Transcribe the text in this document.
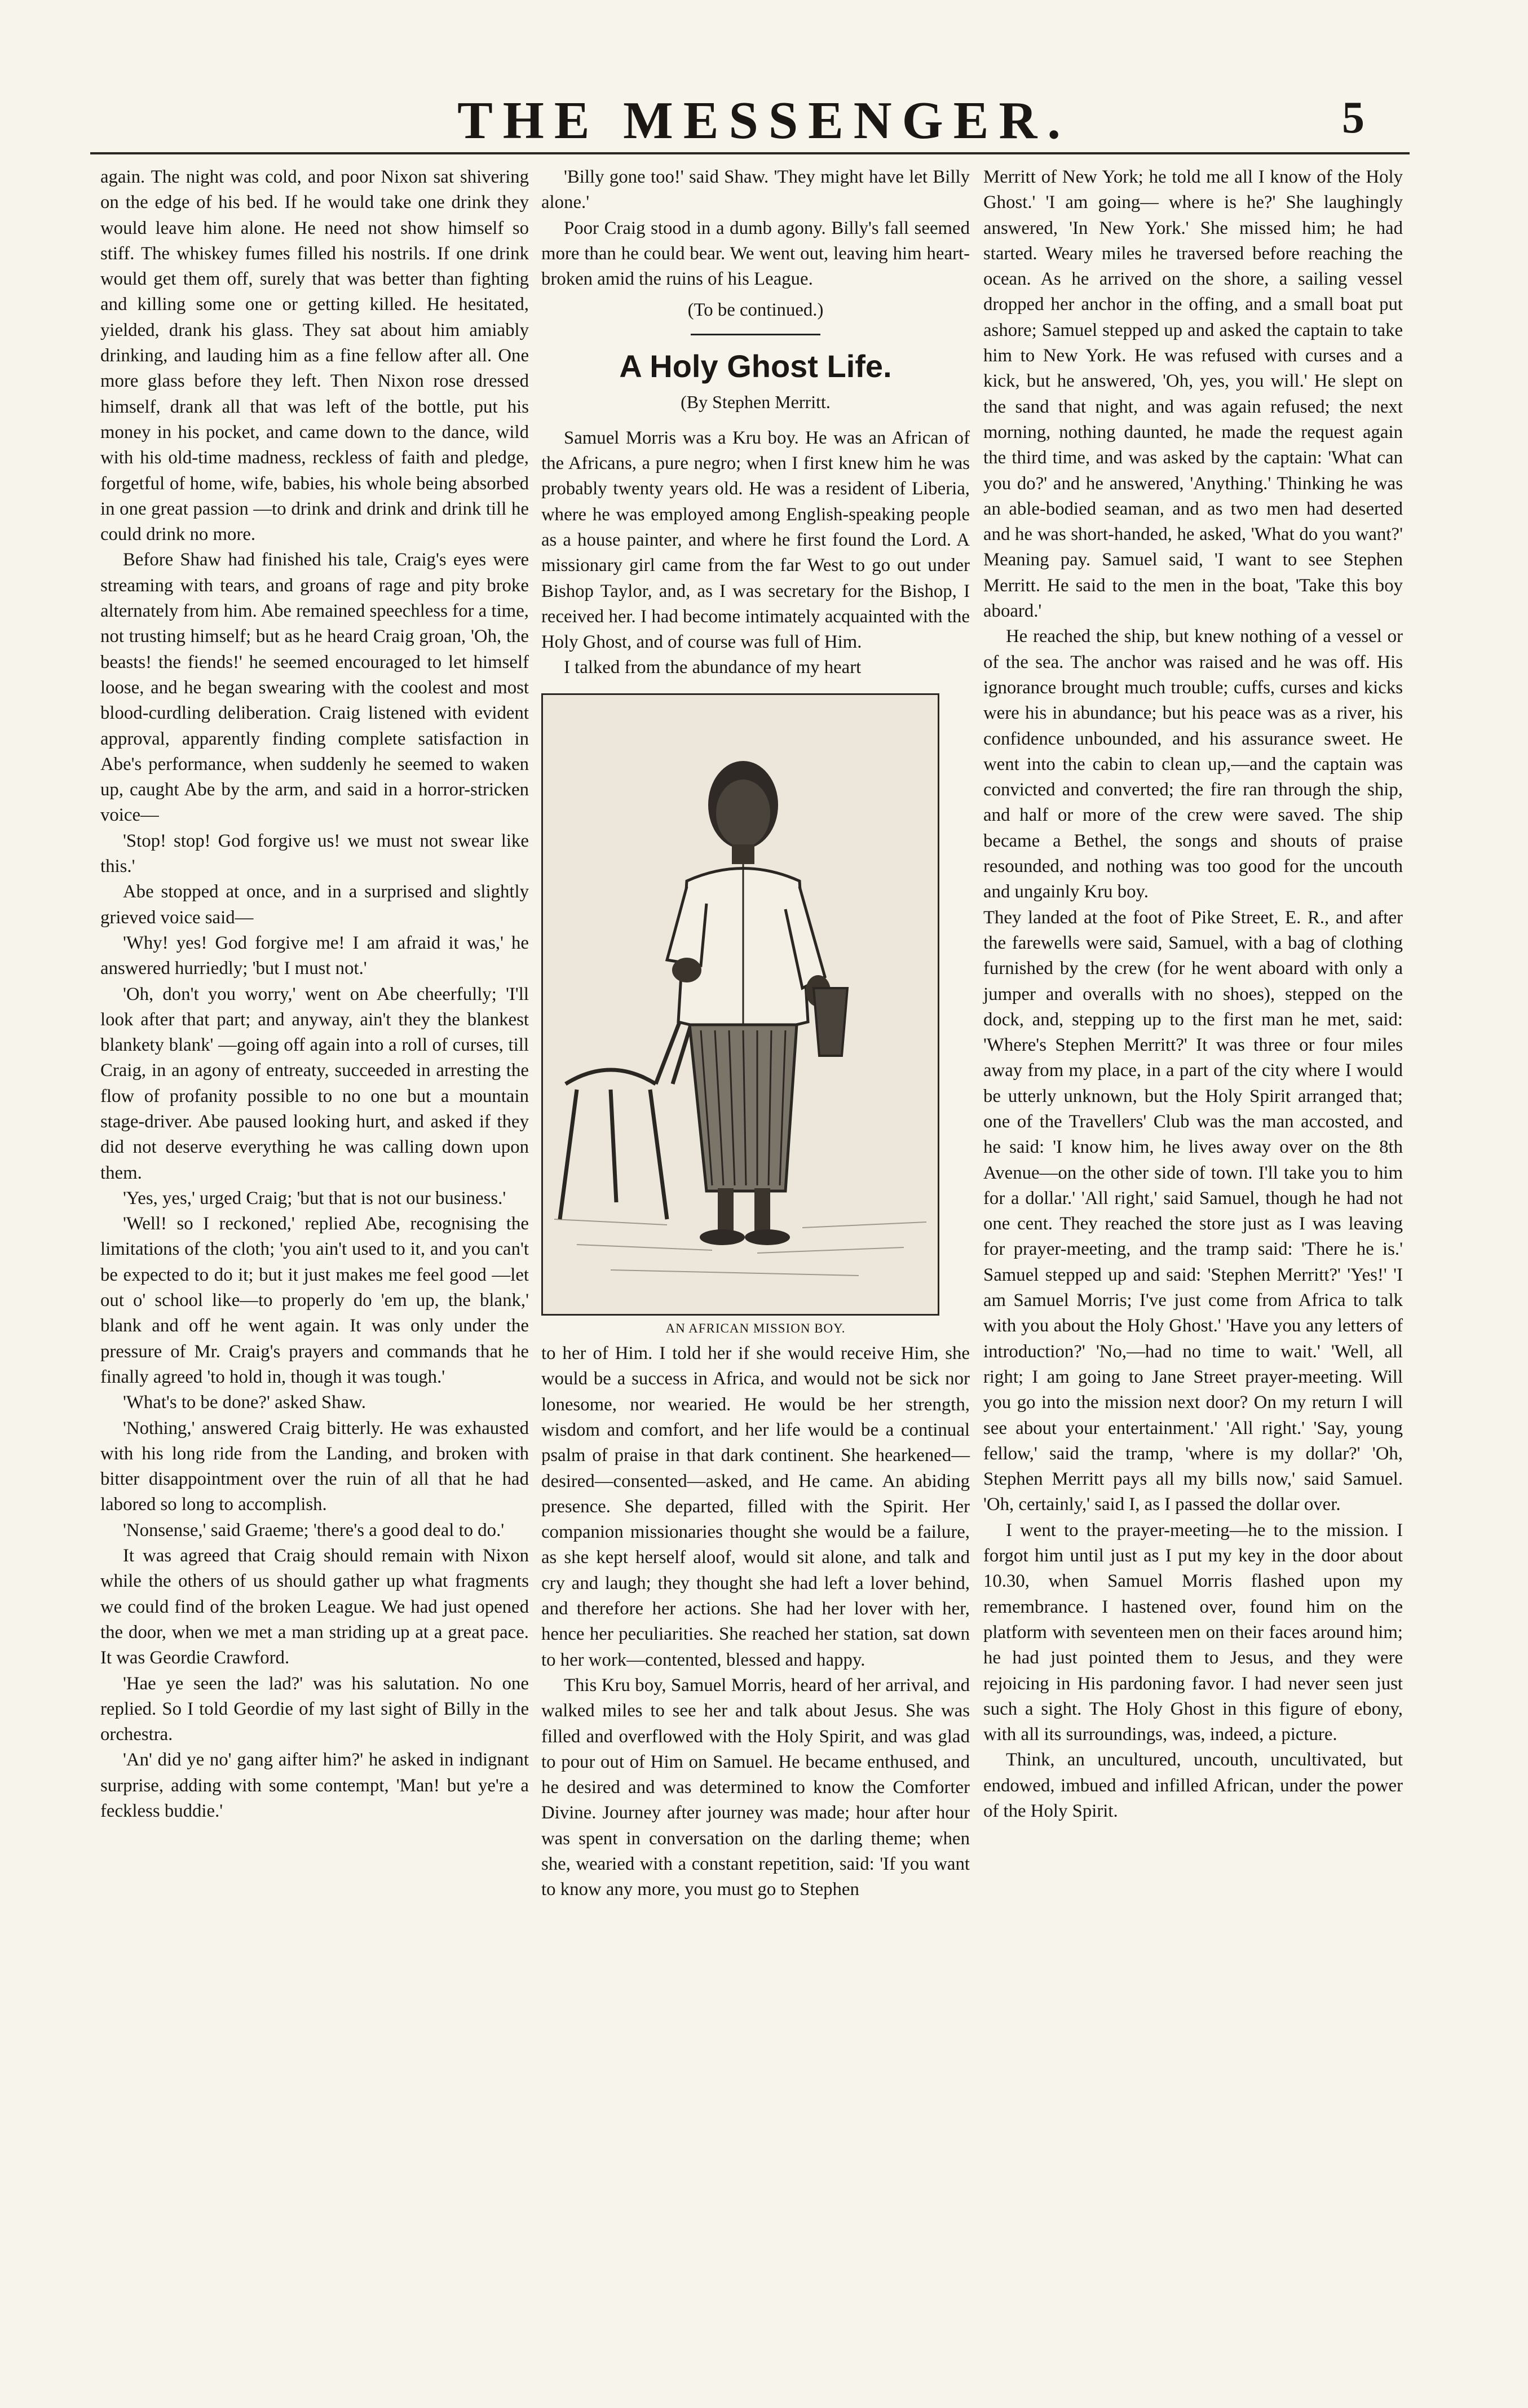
THE MESSENGER.	5

again. The night was cold, and poor Nixon sat shivering on the edge of his bed. If he would take one drink they would leave him alone. He need not show himself so stiff. The whiskey fumes filled his nostrils. If one drink would get them off, surely that was better than fighting and killing some one or getting killed. He hesitated, yielded, drank his glass. They sat about him amiably drinking, and lauding him as a fine fellow after all. One more glass before they left. Then Nixon rose dressed himself, drank all that was left of the bottle, put his money in his pocket, and came down to the dance, wild with his old-time madness, reckless of faith and pledge, forgetful of home, wife, babies, his whole being absorbed in one great passion —to drink and drink and drink till he could drink no more.

Before Shaw had finished his tale, Craig's eyes were streaming with tears, and groans of rage and pity broke alternately from him. Abe remained speechless for a time, not trusting himself; but as he heard Craig groan, 'Oh, the beasts! the fiends!' he seemed encouraged to let himself loose, and he began swearing with the coolest and most blood-curdling deliberation. Craig listened with evident approval, apparently finding complete satisfaction in Abe's performance, when suddenly he seemed to waken up, caught Abe by the arm, and said in a horror-stricken voice—

'Stop! stop! God forgive us! we must not swear like this.'

Abe stopped at once, and in a surprised and slightly grieved voice said—

'Why! yes! God forgive me! I am afraid it was,' he answered hurriedly; 'but I must not.'

'Oh, don't you worry,' went on Abe cheerfully; 'I'll look after that part; and anyway, ain't they the blankest blankety blank' —going off again into a roll of curses, till Craig, in an agony of entreaty, succeeded in arresting the flow of profanity possible to no one but a mountain stage-driver. Abe paused looking hurt, and asked if they did not deserve everything he was calling down upon them.

'Yes, yes,' urged Craig; 'but that is not our business.'

'Well! so I reckoned,' replied Abe, recognising the limitations of the cloth; 'you ain't used to it, and you can't be expected to do it; but it just makes me feel good —let out o' school like—to properly do 'em up, the blank,' blank and off he went again. It was only under the pressure of Mr. Craig's prayers and commands that he finally agreed 'to hold in, though it was tough.'

'What's to be done?' asked Shaw.

'Nothing,' answered Craig bitterly. He was exhausted with his long ride from the Landing, and broken with bitter disappointment over the ruin of all that he had labored so long to accomplish.

'Nonsense,' said Graeme; 'there's a good deal to do.'

It was agreed that Craig should remain with Nixon while the others of us should gather up what fragments we could find of the broken League. We had just opened the door, when we met a man striding up at a great pace. It was Geordie Crawford.

'Hae ye seen the lad?' was his salutation. No one replied. So I told Geordie of my last sight of Billy in the orchestra.

'An' did ye no' gang aifter him?' he asked in indignant surprise, adding with some contempt, 'Man! but ye're a feckless buddie.'

'Billy gone too!' said Shaw. 'They might have let Billy alone.'

Poor Craig stood in a dumb agony. Billy's fall seemed more than he could bear. We went out, leaving him heart-broken amid the ruins of his League.

(To be continued.)

A Holy Ghost Life.
(By Stephen Merritt.

Samuel Morris was a Kru boy. He was an African of the Africans, a pure negro; when I first knew him he was probably twenty years old. He was a resident of Liberia, where he was employed among English-speaking people as a house painter, and where he first found the Lord. A missionary girl came from the far West to go out under Bishop Taylor, and, as I was secretary for the Bishop, I received her. I had become intimately acquainted with the Holy Ghost, and of course was full of Him.

I talked from the abundance of my heart

AN AFRICAN MISSION BOY.

to her of Him. I told her if she would receive Him, she would be a success in Africa, and would not be sick nor lonesome, nor wearied. He would be her strength, wisdom and comfort, and her life would be a continual psalm of praise in that dark continent. She hearkened—desired—consented—asked, and He came. An abiding presence. She departed, filled with the Spirit. Her companion missionaries thought she would be a failure, as she kept herself aloof, would sit alone, and talk and cry and laugh; they thought she had left a lover behind, and therefore her actions. She had her lover with her, hence her peculiarities. She reached her station, sat down to her work—contented, blessed and happy.

This Kru boy, Samuel Morris, heard of her arrival, and walked miles to see her and talk about Jesus. She was filled and overflowed with the Holy Spirit, and was glad to pour out of Him on Samuel. He became enthused, and he desired and was determined to know the Comforter Divine. Journey after journey was made; hour after hour was spent in conversation on the darling theme; when she, wearied with a constant repetition, said: 'If you want to know any more, you must go to Stephen

Merritt of New York; he told me all I know of the Holy Ghost.' 'I am going— where is he?' She laughingly answered, 'In New York.' She missed him; he had started. Weary miles he traversed before reaching the ocean. As he arrived on the shore, a sailing vessel dropped her anchor in the offing, and a small boat put ashore; Samuel stepped up and asked the captain to take him to New York. He was refused with curses and a kick, but he answered, 'Oh, yes, you will.' He slept on the sand that night, and was again refused; the next morning, nothing daunted, he made the request again the third time, and was asked by the captain: 'What can you do?' and he answered, 'Anything.' Thinking he was an able-bodied seaman, and as two men had deserted and he was short-handed, he asked, 'What do you want?' Meaning pay. Samuel said, 'I want to see Stephen Merritt. He said to the men in the boat, 'Take this boy aboard.'

He reached the ship, but knew nothing of a vessel or of the sea. The anchor was raised and he was off. His ignorance brought much trouble; cuffs, curses and kicks were his in abundance; but his peace was as a river, his confidence unbounded, and his assurance sweet. He went into the cabin to clean up,—and the captain was convicted and converted; the fire ran through the ship, and half or more of the crew were saved. The ship became a Bethel, the songs and shouts of praise resounded, and nothing was too good for the uncouth and ungainly Kru boy.

They landed at the foot of Pike Street, E. R., and after the farewells were said, Samuel, with a bag of clothing furnished by the crew (for he went aboard with only a jumper and overalls with no shoes), stepped on the dock, and, stepping up to the first man he met, said: 'Where's Stephen Merritt?' It was three or four miles away from my place, in a part of the city where I would be utterly unknown, but the Holy Spirit arranged that; one of the Travellers' Club was the man accosted, and he said: 'I know him, he lives away over on the 8th Avenue—on the other side of town. I'll take you to him for a dollar.' 'All right,' said Samuel, though he had not one cent. They reached the store just as I was leaving for prayer-meeting, and the tramp said: 'There he is.' Samuel stepped up and said: 'Stephen Merritt?' 'Yes!' 'I am Samuel Morris; I've just come from Africa to talk with you about the Holy Ghost.' 'Have you any letters of introduction?' 'No,—had no time to wait.' 'Well, all right; I am going to Jane Street prayer-meeting. Will you go into the mission next door? On my return I will see about your entertainment.' 'All right.' 'Say, young fellow,' said the tramp, 'where is my dollar?' 'Oh, Stephen Merritt pays all my bills now,' said Samuel. 'Oh, certainly,' said I, as I passed the dollar over.

I went to the prayer-meeting—he to the mission. I forgot him until just as I put my key in the door about 10.30, when Samuel Morris flashed upon my remembrance. I hastened over, found him on the platform with seventeen men on their faces around him; he had just pointed them to Jesus, and they were rejoicing in His pardoning favor. I had never seen just such a sight. The Holy Ghost in this figure of ebony, with all its surroundings, was, indeed, a picture.

Think, an uncultured, uncouth, uncultivated, but endowed, imbued and infilled African, under the power of the Holy Spirit.
